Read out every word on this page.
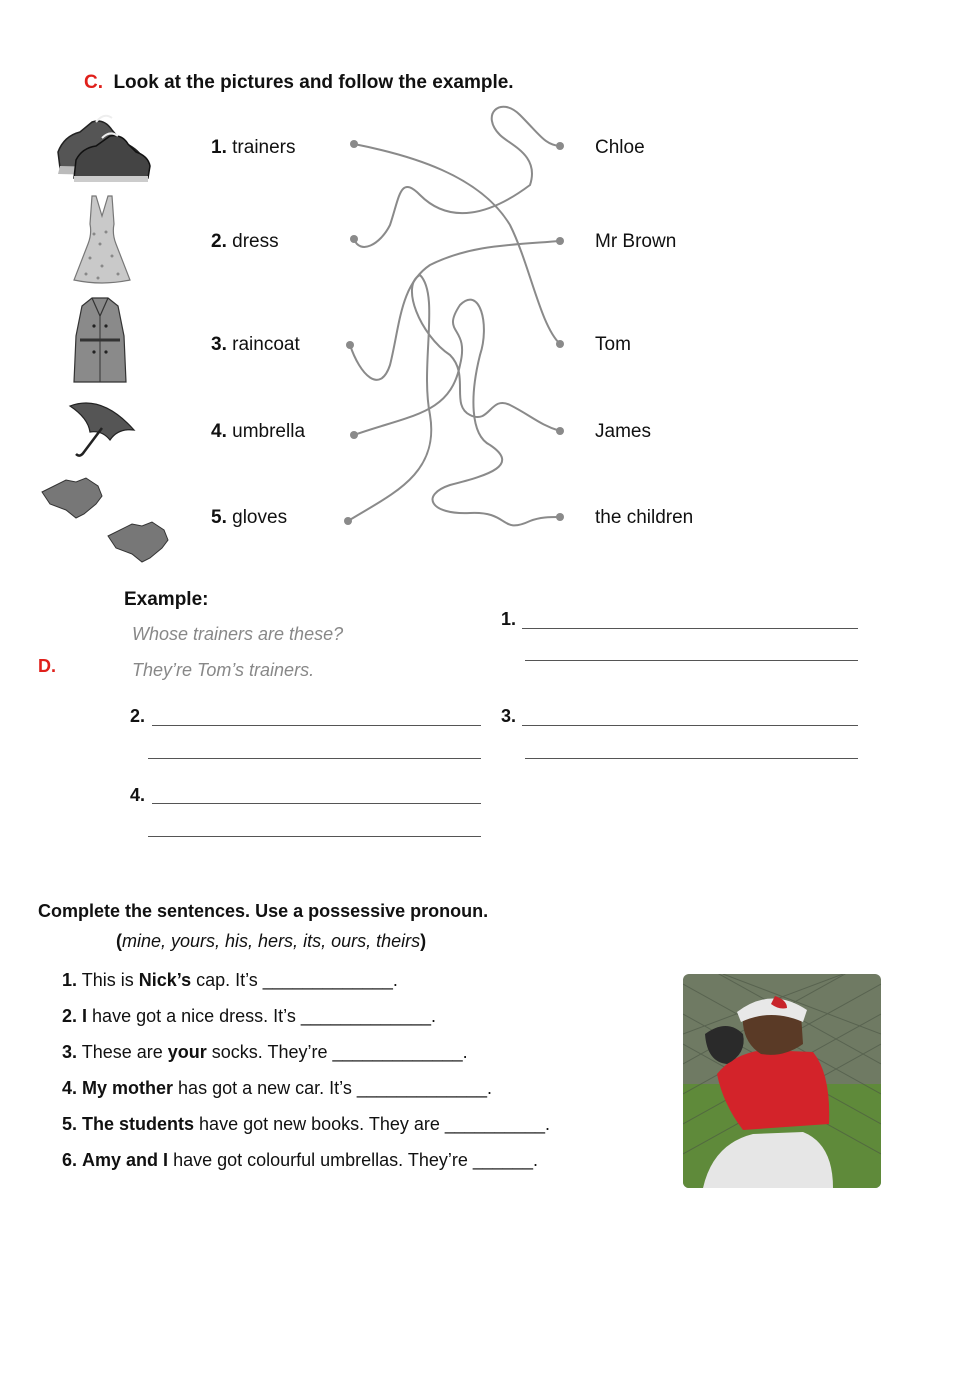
C. Look at the pictures and follow the example.
1. trainers
2. dress
3. raincoat
4. umbrella
5. gloves
Chloe
Mr Brown
Tom
James
the children
D.
Example:
Whose trainers are these?
They’re Tom’s trainers.
1.
2.	3.
4.
Complete the sentences. Use a possessive pronoun.
(mine, yours, his, hers, its, ours, theirs)
1. This is Nick’s cap. It’s _____________.
2. I have got a nice dress. It’s _____________.
3. These are your socks. They’re _____________.
4. My mother has got a new car. It’s _____________.
5. The students have got new books. They are __________.
6. Amy and I have got colourful umbrellas. They’re ______.
